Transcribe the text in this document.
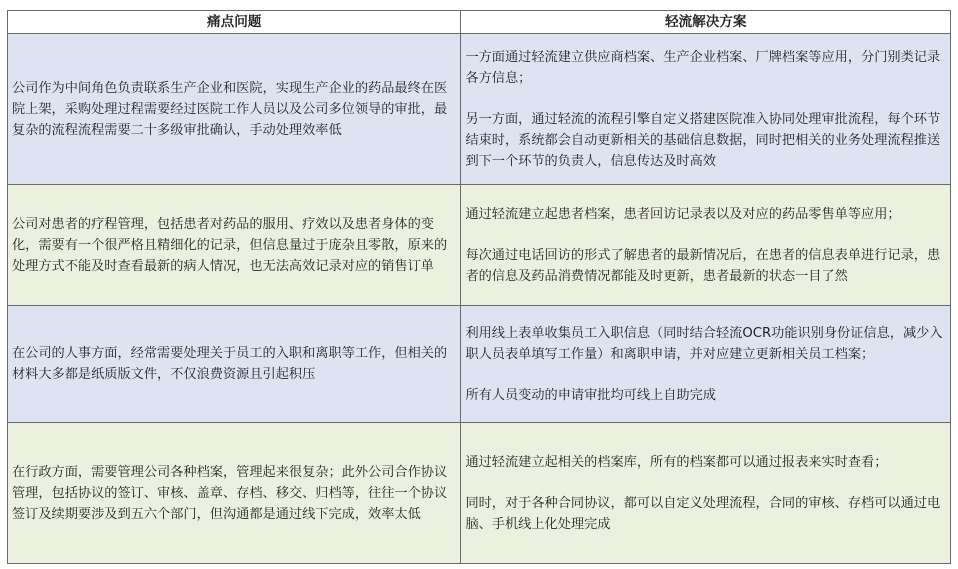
痛点问题	轻流解决方案
公司作为中间角色负责联系生产企业和医院，实现生产企业的药品最终在医院上架，采购处理过程需要经过医院工作人员以及公司多位领导的审批，最复杂的流程流程需要二十多级审批确认，手动处理效率低	一方面通过轻流建立供应商档案、生产企业档案、厂牌档案等应用，分门别类记录各方信息；
另一方面，通过轻流的流程引擎自定义搭建医院准入协同处理审批流程，每个环节结束时，系统都会自动更新相关的基础信息数据，同时把相关的业务处理流程推送到下一个环节的负责人，信息传达及时高效

公司对患者的疗程管理，包括患者对药品的服用、疗效以及患者身体的变化，需要有一个很严格且精细化的记录，但信息量过于庞杂且零散，原来的处理方式不能及时查看最新的病人情况，也无法高效记录对应的销售订单	通过轻流建立起患者档案，患者回访记录表以及对应的药品零售单等应用；
每次通过电话回访的形式了解患者的最新情况后，在患者的信息表单进行记录，患者的信息及药品消费情况都能及时更新，患者最新的状态一目了然

在公司的人事方面，经常需要处理关于员工的入职和离职等工作，但相关的材料大多都是纸质版文件，不仅浪费资源且引起积压	利用线上表单收集员工入职信息（同时结合轻流OCR功能识别身份证信息，减少入职人员表单填写工作量）和离职申请，并对应建立更新相关员工档案；
所有人员变动的申请审批均可线上自助完成

在行政方面，需要管理公司各种档案，管理起来很复杂；此外公司合作协议管理，包括协议的签订、审核、盖章、存档、移交、归档等，往往一个协议签订及续期要涉及到五六个部门，但沟通都是通过线下完成，效率太低	通过轻流建立起相关的档案库，所有的档案都可以通过报表来实时查看；
同时，对于各种合同协议，都可以自定义处理流程，合同的审核、存档可以通过电脑、手机线上化处理完成
